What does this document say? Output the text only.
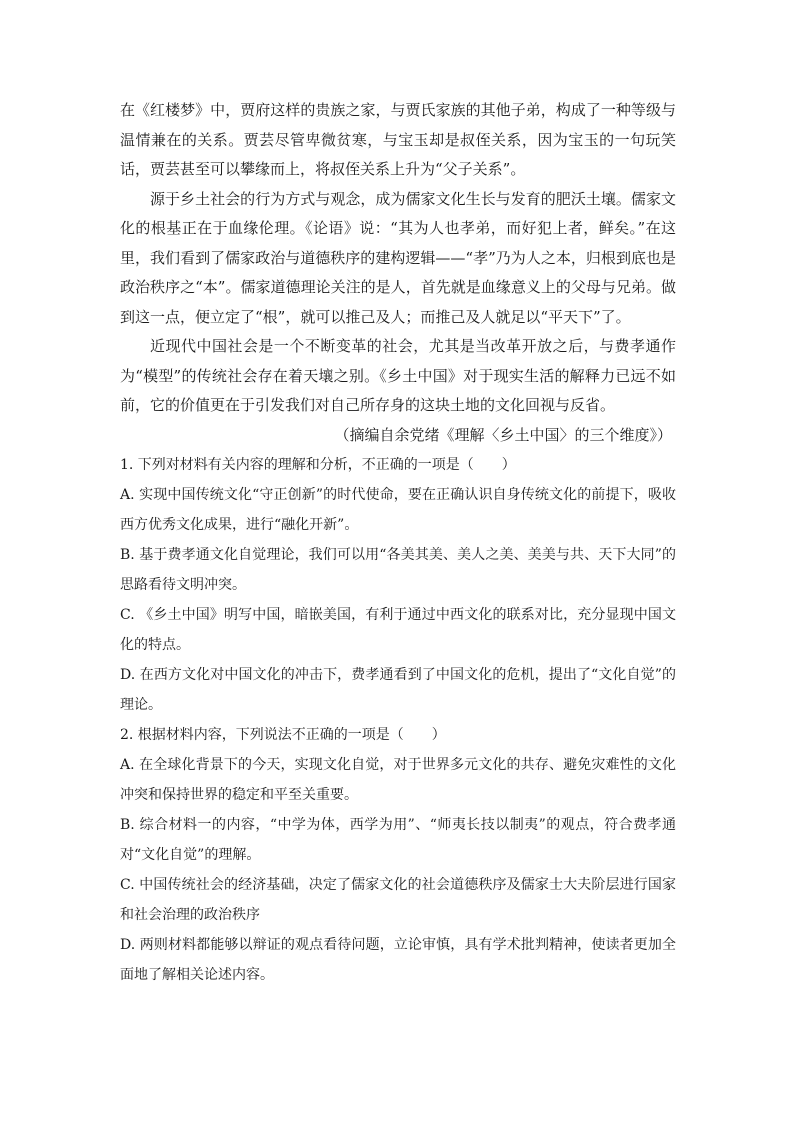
在《红楼梦》中，贾府这样的贵族之家，与贾氏家族的其他子弟，构成了一种等级与温情兼在的关系。贾芸尽管卑微贫寒，与宝玉却是叔侄关系，因为宝玉的一句玩笑话，贾芸甚至可以攀缘而上，将叔侄关系上升为“父子关系”。

源于乡土社会的行为方式与观念，成为儒家文化生长与发育的肥沃土壤。儒家文化的根基正在于血缘伦理。《论语》说：“其为人也孝弟，而好犯上者，鲜矣。”在这里，我们看到了儒家政治与道德秩序的建构逻辑——“孝”乃为人之本，归根到底也是政治秩序之“本”。儒家道德理论关注的是人，首先就是血缘意义上的父母与兄弟。做到这一点，便立定了“根”，就可以推己及人；而推己及人就足以“平天下”了。

近现代中国社会是一个不断变革的社会，尤其是当改革开放之后，与费孝通作为“模型”的传统社会存在着天壤之别。《乡土中国》对于现实生活的解释力已远不如前，它的价值更在于引发我们对自己所存身的这块土地的文化回视与反省。

（摘编自余党绪《理解〈乡土中国〉的三个维度》）

1. 下列对材料有关内容的理解和分析，不正确的一项是（　　）

A. 实现中国传统文化“守正创新”的时代使命，要在正确认识自身传统文化的前提下，吸收西方优秀文化成果，进行“融化开新”。

B. 基于费孝通文化自觉理论，我们可以用“各美其美、美人之美、美美与共、天下大同”的思路看待文明冲突。

C. 《乡土中国》明写中国，暗嵌美国，有利于通过中西文化的联系对比，充分显现中国文化的特点。

D. 在西方文化对中国文化的冲击下，费孝通看到了中国文化的危机，提出了“文化自觉”的理论。

2. 根据材料内容，下列说法不正确的一项是（　　）

A. 在全球化背景下的今天，实现文化自觉，对于世界多元文化的共存、避免灾难性的文化冲突和保持世界的稳定和平至关重要。

B. 综合材料一的内容，“中学为体，西学为用”、“师夷长技以制夷”的观点，符合费孝通对“文化自觉”的理解。

C. 中国传统社会的经济基础，决定了儒家文化的社会道德秩序及儒家士大夫阶层进行国家和社会治理的政治秩序

D. 两则材料都能够以辩证的观点看待问题，立论审慎，具有学术批判精神，使读者更加全面地了解相关论述内容。
